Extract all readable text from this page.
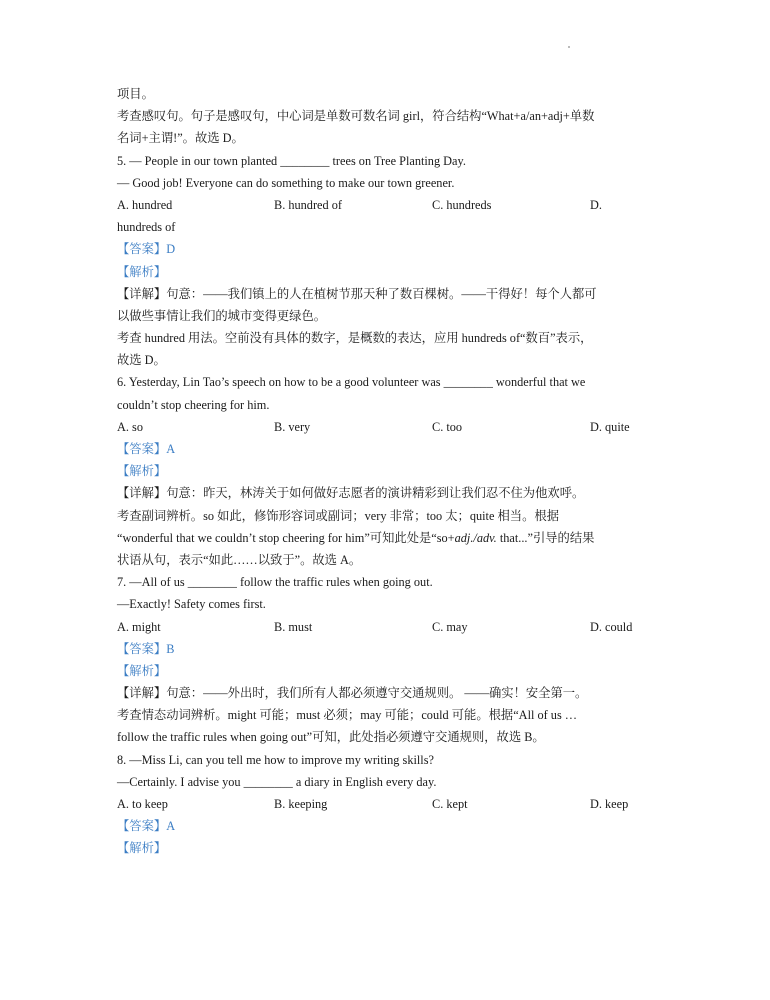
项目。
考查感叹句。句子是感叹句，中心词是单数可数名词 girl，符合结构“What+a/an+adj+单数
名词+主谓!”。故选 D。
5. — People in our town planted ________ trees on Tree Planting Day.
— Good job! Everyone can do something to make our town greener.
A. hundred	B. hundred of	C. hundreds	D.
hundreds of
【答案】D
【解析】
【详解】句意：——我们镇上的人在植树节那天种了数百棵树。——干得好！每个人都可
以做些事情让我们的城市变得更绿色。
考查 hundred 用法。空前没有具体的数字，是概数的表达，应用 hundreds of“数百”表示，
故选 D。
6. Yesterday, Lin Tao’s speech on how to be a good volunteer was ________ wonderful that we
couldn’t stop cheering for him.
A. so	B. very	C. too	D. quite
【答案】A
【解析】
【详解】句意：昨天，林涛关于如何做好志愿者的演讲精彩到让我们忍不住为他欢呼。
考查副词辨析。so 如此，修饰形容词或副词；very 非常；too 太；quite 相当。根据
“wonderful that we couldn’t stop cheering for him”可知此处是“so+adj./adv. that...”引导的结果
状语从句，表示“如此……以致于”。故选 A。
7. —All of us ________ follow the traffic rules when going out.
—Exactly! Safety comes first.
A. might	B. must	C. may	D. could
【答案】B
【解析】
【详解】句意：——外出时，我们所有人都必须遵守交通规则。 ——确实！安全第一。
考查情态动词辨析。might 可能；must 必须；may 可能；could 可能。根据“All of us …
follow the traffic rules when going out”可知，此处指必须遵守交通规则，故选 B。
8. —Miss Li, can you tell me how to improve my writing skills?
—Certainly. I advise you ________ a diary in English every day.
A. to keep	B. keeping	C. kept	D. keep
【答案】A
【解析】
